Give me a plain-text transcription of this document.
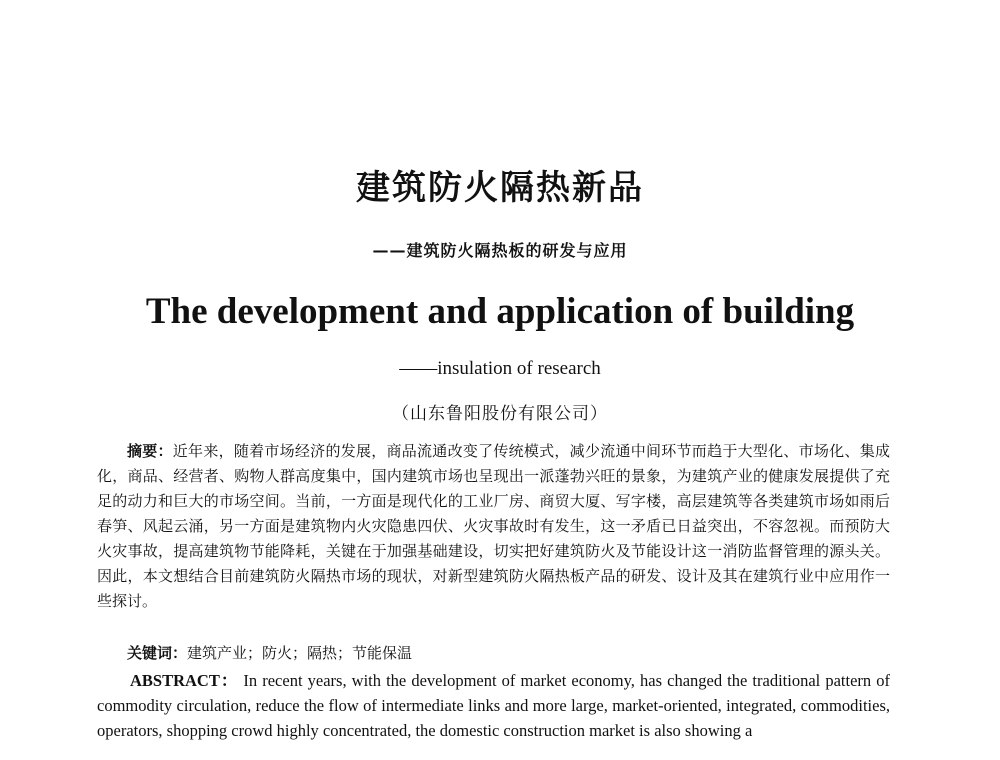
建筑防火隔热新品
——建筑防火隔热板的研发与应用
The development and application of building
——insulation of research
（山东鲁阳股份有限公司）

摘要：近年来，随着市场经济的发展，商品流通改变了传统模式，减少流通中间环节而趋于大型化、市场化、集成化，商品、经营者、购物人群高度集中，国内建筑市场也呈现出一派蓬勃兴旺的景象，为建筑产业的健康发展提供了充足的动力和巨大的市场空间。当前，一方面是现代化的工业厂房、商贸大厦、写字楼，高层建筑等各类建筑市场如雨后春笋、风起云涌，另一方面是建筑物内火灾隐患四伏、火灾事故时有发生，这一矛盾已日益突出，不容忽视。而预防大火灾事故，提高建筑物节能降耗，关键在于加强基础建设，切实把好建筑防火及节能设计这一消防监督管理的源头关。因此，本文想结合目前建筑防火隔热市场的现状，对新型建筑防火隔热板产品的研发、设计及其在建筑行业中应用作一些探讨。

关键词：建筑产业；防火；隔热；节能保温

ABSTRACT： In recent years, with the development of market economy, has changed the traditional pattern of commodity circulation, reduce the flow of intermediate links and more large, market-oriented, integrated, commodities, operators, shopping crowd highly concentrated, the domestic construction market is also showing a
